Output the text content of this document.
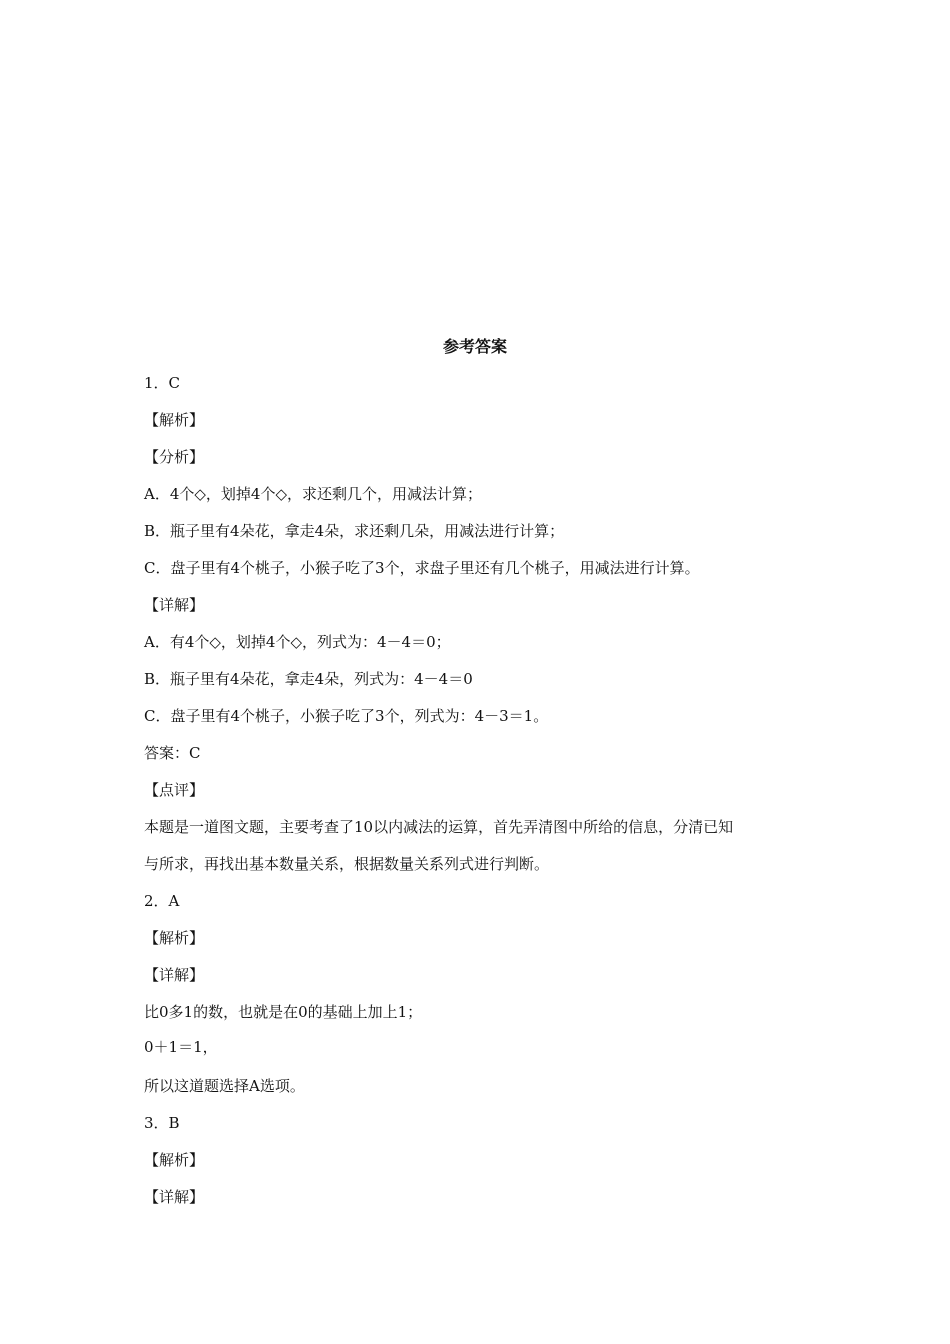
参考答案
1．C
【解析】
【分析】
A．4个◇，划掉4个◇，求还剩几个，用减法计算；
B．瓶子里有4朵花，拿走4朵，求还剩几朵，用减法进行计算；
C．盘子里有4个桃子，小猴子吃了3个，求盘子里还有几个桃子，用减法进行计算。
【详解】
A．有4个◇，划掉4个◇，列式为：4－4＝0；
B．瓶子里有4朵花，拿走4朵，列式为：4－4＝0
C．盘子里有4个桃子，小猴子吃了3个，列式为：4－3＝1。
答案：C
【点评】
本题是一道图文题，主要考查了10以内减法的运算，首先弄清图中所给的信息，分清已知
与所求，再找出基本数量关系，根据数量关系列式进行判断。
2．A
【解析】
【详解】
比0多1的数，也就是在0的基础上加上1；
0＋1＝1，
所以这道题选择A选项。
3．B
【解析】
【详解】
